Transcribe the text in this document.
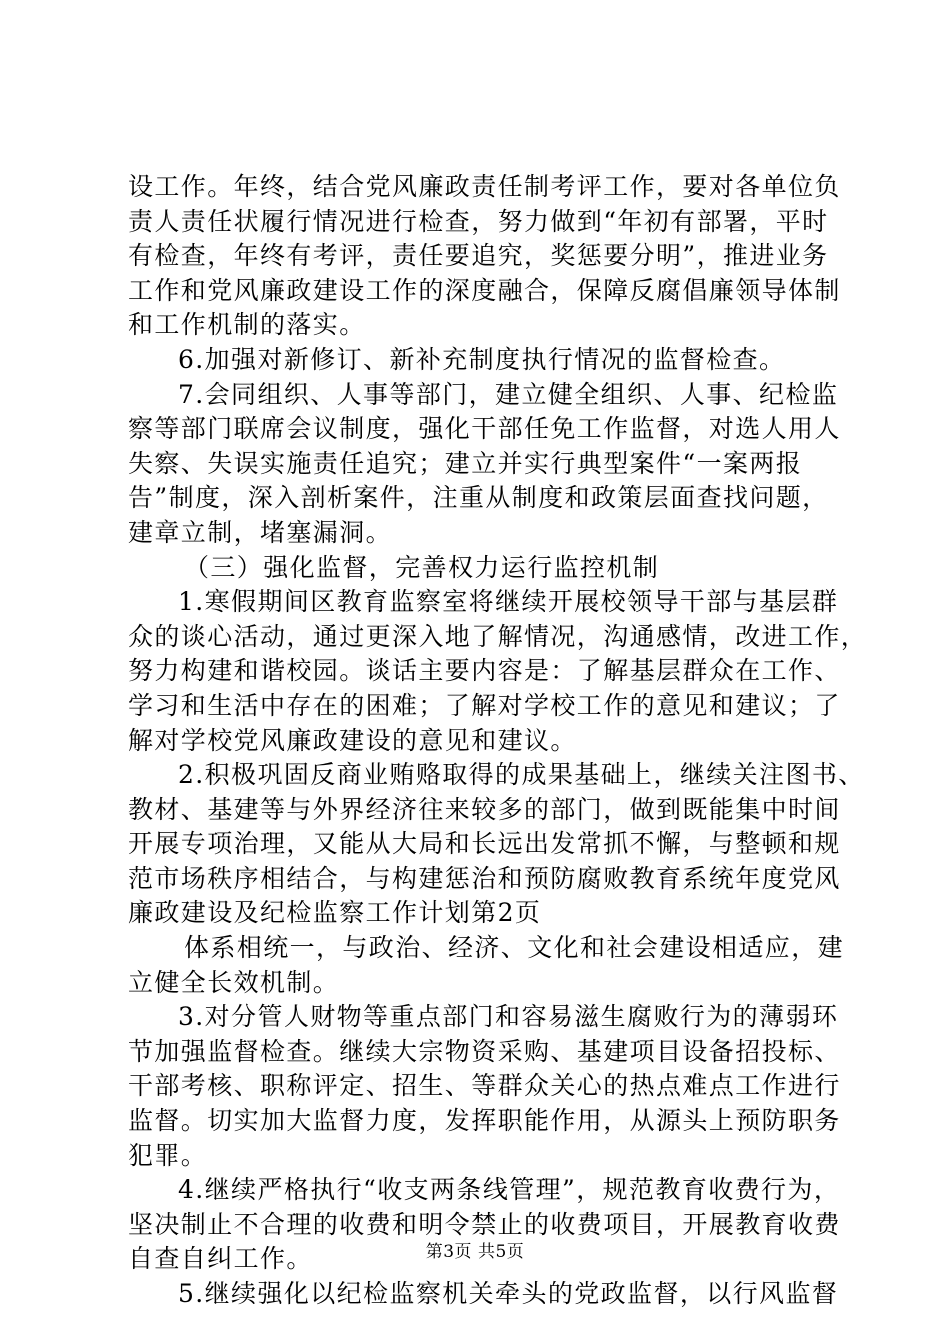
设工作。年终，结合党风廉政责任制考评工作，要对各单位负
责人责任状履行情况进行检查，努力做到“年初有部署，平时
有检查，年终有考评，责任要追究，奖惩要分明”，推进业务
工作和党风廉政建设工作的深度融合，保障反腐倡廉领导体制
和工作机制的落实。
6.加强对新修订、新补充制度执行情况的监督检查。
7.会同组织、人事等部门，建立健全组织、人事、纪检监
察等部门联席会议制度，强化干部任免工作监督，对选人用人
失察、失误实施责任追究；建立并实行典型案件“一案两报
告”制度，深入剖析案件，注重从制度和政策层面查找问题，
建章立制，堵塞漏洞。
（三）强化监督，完善权力运行监控机制
1.寒假期间区教育监察室将继续开展校领导干部与基层群
众的谈心活动，通过更深入地了解情况，沟通感情，改进工作，
努力构建和谐校园。谈话主要内容是：了解基层群众在工作、
学习和生活中存在的困难；了解对学校工作的意见和建议；了
解对学校党风廉政建设的意见和建议。
2.积极巩固反商业贿赂取得的成果基础上，继续关注图书、
教材、基建等与外界经济往来较多的部门，做到既能集中时间
开展专项治理，又能从大局和长远出发常抓不懈，与整顿和规
范市场秩序相结合，与构建惩治和预防腐败教育系统年度党风
廉政建设及纪检监察工作计划第2页
体系相统一，与政治、经济、文化和社会建设相适应，建
立健全长效机制。
3.对分管人财物等重点部门和容易滋生腐败行为的薄弱环
节加强监督检查。继续大宗物资采购、基建项目设备招投标、
干部考核、职称评定、招生、等群众关心的热点难点工作进行
监督。切实加大监督力度，发挥职能作用，从源头上预防职务
犯罪。
4.继续严格执行“收支两条线管理”，规范教育收费行为，
坚决制止不合理的收费和明令禁止的收费项目，开展教育收费
自查自纠工作。
5.继续强化以纪检监察机关牵头的党政监督，以行风监督
第3页 共5页
